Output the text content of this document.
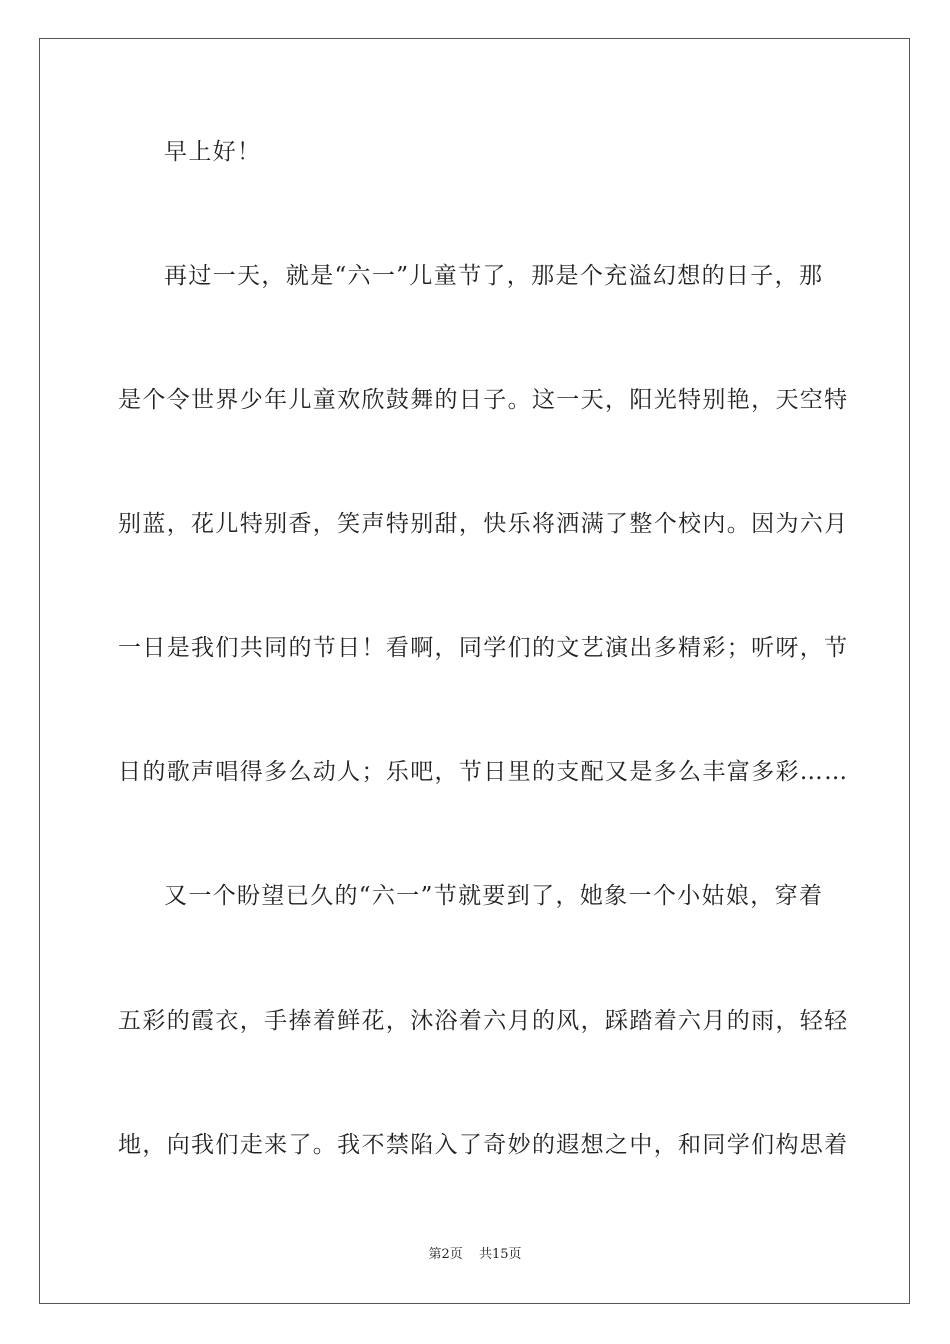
早上好！
再过一天，就是“六一”儿童节了，那是个充溢幻想的日子，那
是个令世界少年儿童欢欣鼓舞的日子。这一天，阳光特别艳，天空特
别蓝，花儿特别香，笑声特别甜，快乐将洒满了整个校内。因为六月
一日是我们共同的节日！看啊，同学们的文艺演出多精彩；听呀，节
日的歌声唱得多么动人；乐吧，节日里的支配又是多么丰富多彩……
又一个盼望已久的“六一”节就要到了，她象一个小姑娘，穿着
五彩的霞衣，手捧着鲜花，沐浴着六月的风，踩踏着六月的雨，轻轻
地，向我们走来了。我不禁陷入了奇妙的遐想之中，和同学们构思着
第2页 共15页
